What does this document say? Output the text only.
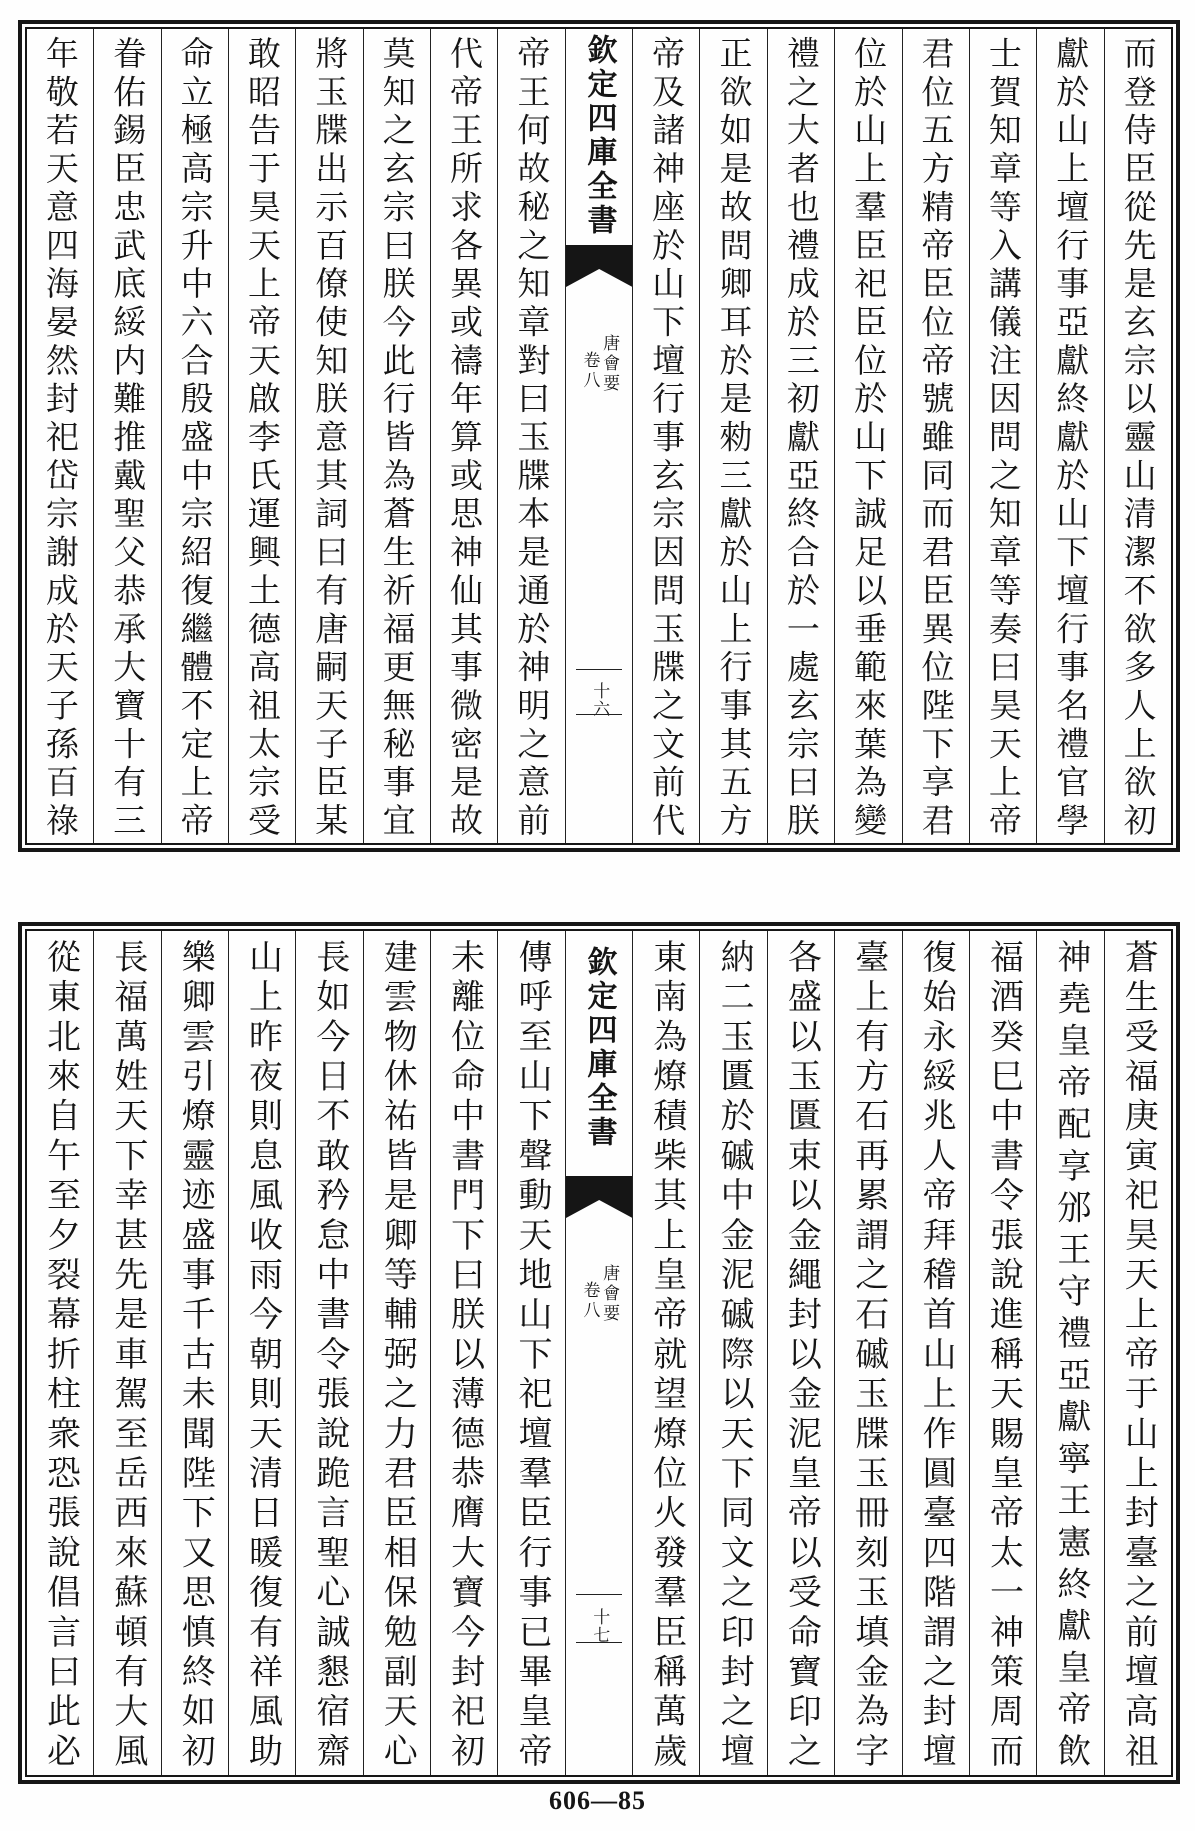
而登侍臣從先是玄宗以靈山清潔不欲多人上欲初
獻於山上壇行事亞獻終獻於山下壇行事名禮官學
士賀知章等入講儀注因問之知章等奏曰昊天上帝
君位五方精帝臣位帝號雖同而君臣異位陛下享君
位於山上羣臣祀臣位於山下誠足以垂範來葉為變
禮之大者也禮成於三初獻亞終合於一處玄宗曰朕
正欲如是故問卿耳於是勑三獻於山上行事其五方
帝及諸神座於山下壇行事玄宗因問玉牒之文前代
欽定四庫全書
唐會要
卷八
十六
帝王何故秘之知章對曰玉牒本是通於神明之意前
代帝王所求各異或禱年算或思神仙其事微密是故
莫知之玄宗曰朕今此行皆為蒼生祈福更無秘事宜
將玉牒出示百僚使知朕意其詞曰有唐嗣天子臣某
敢昭告于昊天上帝天啟李氏運興土德高祖太宗受
命立極高宗升中六合殷盛中宗紹復繼體不定上帝
眷佑錫臣忠武底綏内難推戴聖父恭承大寶十有三
年敬若天意四海晏然封祀岱宗謝成於天子孫百祿
蒼生受福庚寅祀昊天上帝于山上封臺之前壇高祖
神堯皇帝配享邠王守禮亞獻寧王憲終獻皇帝飲
福酒癸巳中書令張說進稱天賜皇帝太一神策周而
復始永綏兆人帝拜稽首山上作圓臺四階謂之封壇
臺上有方石再累謂之石磩玉牒玉冊刻玉填金為字
各盛以玉匱束以金繩封以金泥皇帝以受命寶印之
納二玉匱於磩中金泥磩際以天下同文之印封之壇
東南為燎積柴其上皇帝就望燎位火發羣臣稱萬歲
欽定四庫全書
唐會要
卷八
十七
傳呼至山下聲動天地山下祀壇羣臣行事已畢皇帝
未離位命中書門下曰朕以薄德恭膺大寶今封祀初
建雲物休祐皆是卿等輔弼之力君臣相保勉副天心
長如今日不敢矜怠中書令張說跪言聖心誠懇宿齋
山上昨夜則息風收雨今朝則天清日暖復有祥風助
樂卿雲引燎靈迹盛事千古未聞陛下又思慎終如初
長福萬姓天下幸甚先是車駕至岳西來蘇頓有大風
從東北來自午至夕裂幕折柱衆恐張說倡言曰此必
606—85
